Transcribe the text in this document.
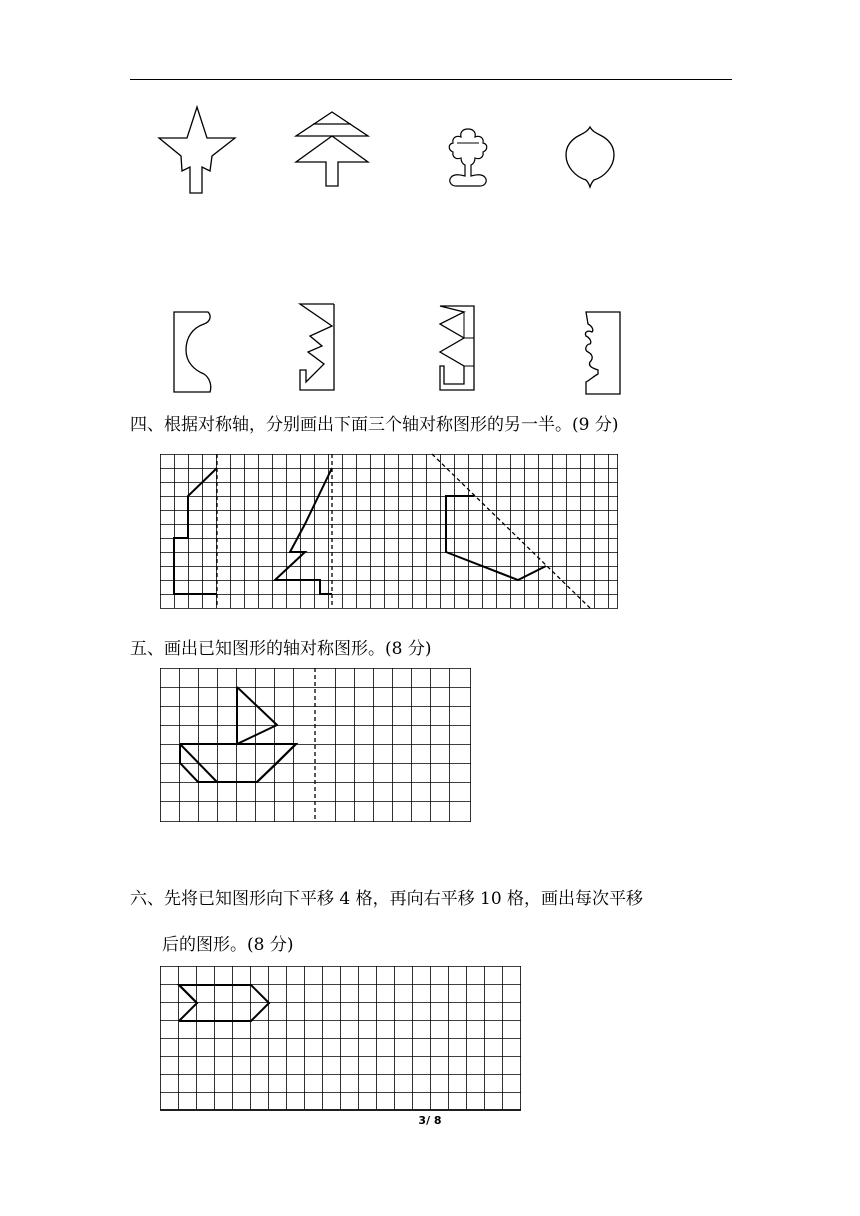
四、根据对称轴，分别画出下面三个轴对称图形的另一半。(9 分)
五、画出已知图形的轴对称图形。(8 分)
六、先将已知图形向下平移 4 格，再向右平移 10 格，画出每次平移
后的图形。(8 分)
3/ 8
